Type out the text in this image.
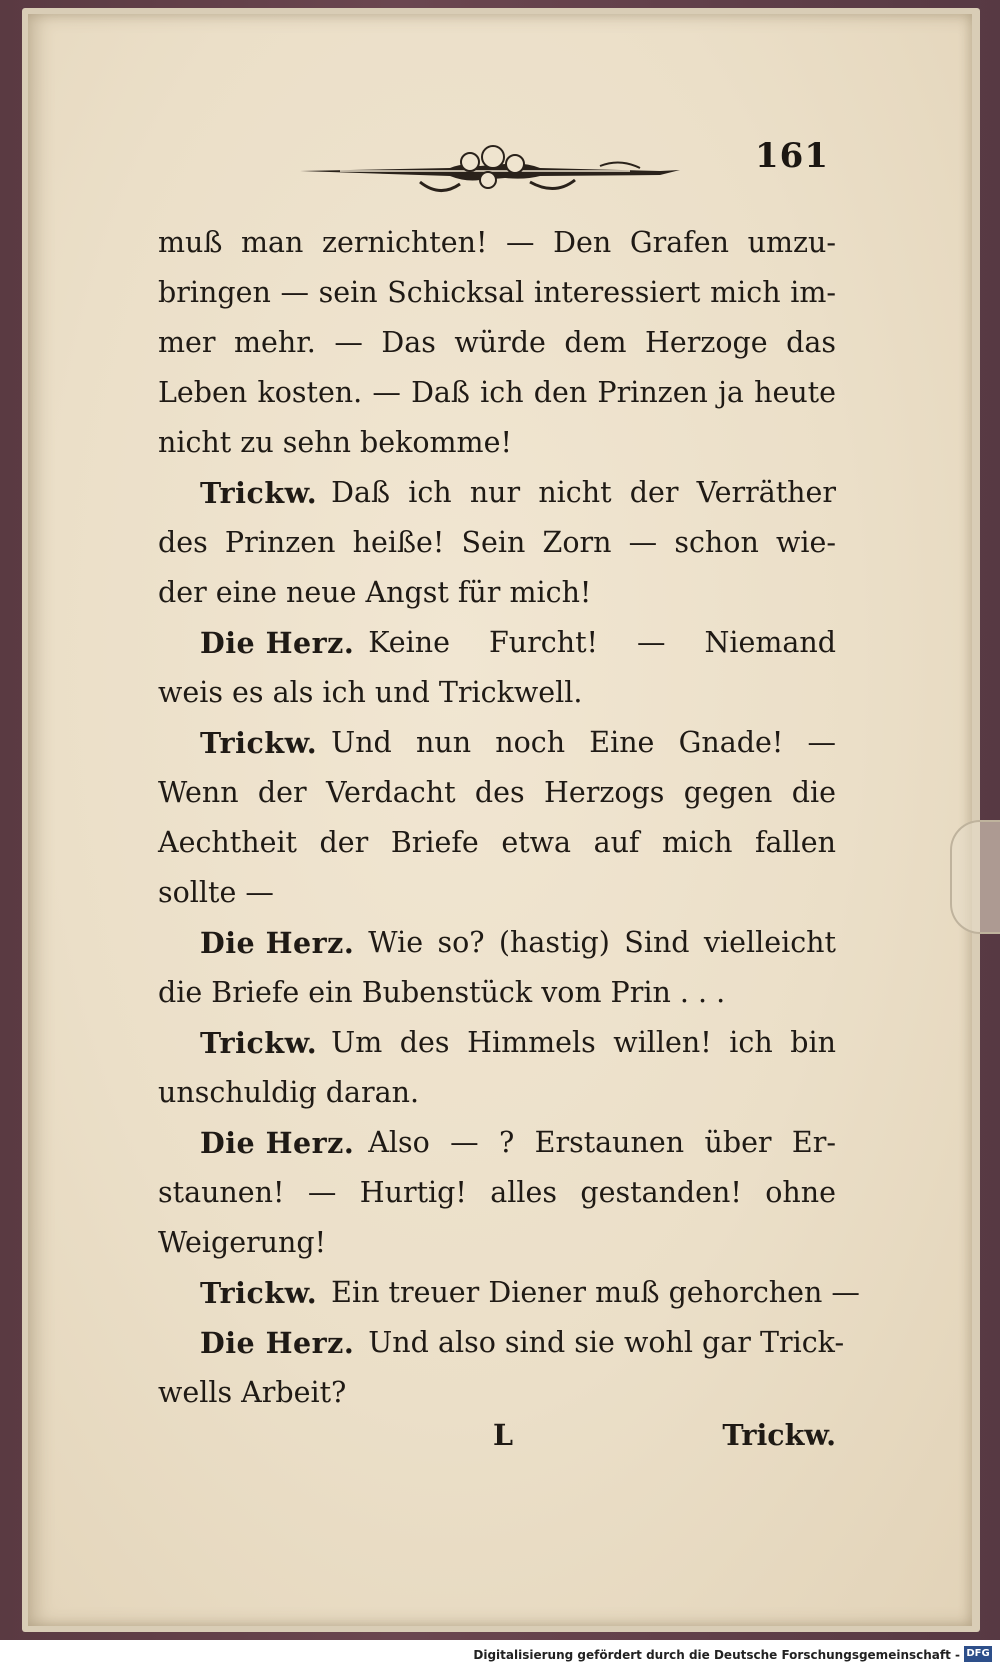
161
muß man zernichten! — Den Grafen umzu-
bringen — sein Schicksal interessiert mich im-
mer mehr. — Das würde dem Herzoge das
Leben kosten. — Daß ich den Prinzen ja heute
nicht zu sehn bekomme!
Trickw. Daß ich nur nicht der Verräther
des Prinzen heiße! Sein Zorn — schon wie-
der eine neue Angst für mich!
Die Herz. Keine Furcht! — Niemand
weis es als ich und Trickwell.
Trickw. Und nun noch Eine Gnade! —
Wenn der Verdacht des Herzogs gegen die
Aechtheit der Briefe etwa auf mich fallen
sollte —
Die Herz. Wie so? (hastig) Sind vielleicht
die Briefe ein Bubenstück vom Prin . . .
Trickw. Um des Himmels willen! ich bin
unschuldig daran.
Die Herz. Also — ? Erstaunen über Er-
staunen! — Hurtig! alles gestanden! ohne
Weigerung!
Trickw. Ein treuer Diener muß gehorchen —
Die Herz. Und also sind sie wohl gar Trick-
wells Arbeit?
L	Trickw.
Digitalisierung gefördert durch die Deutsche Forschungsgemeinschaft - DFG
